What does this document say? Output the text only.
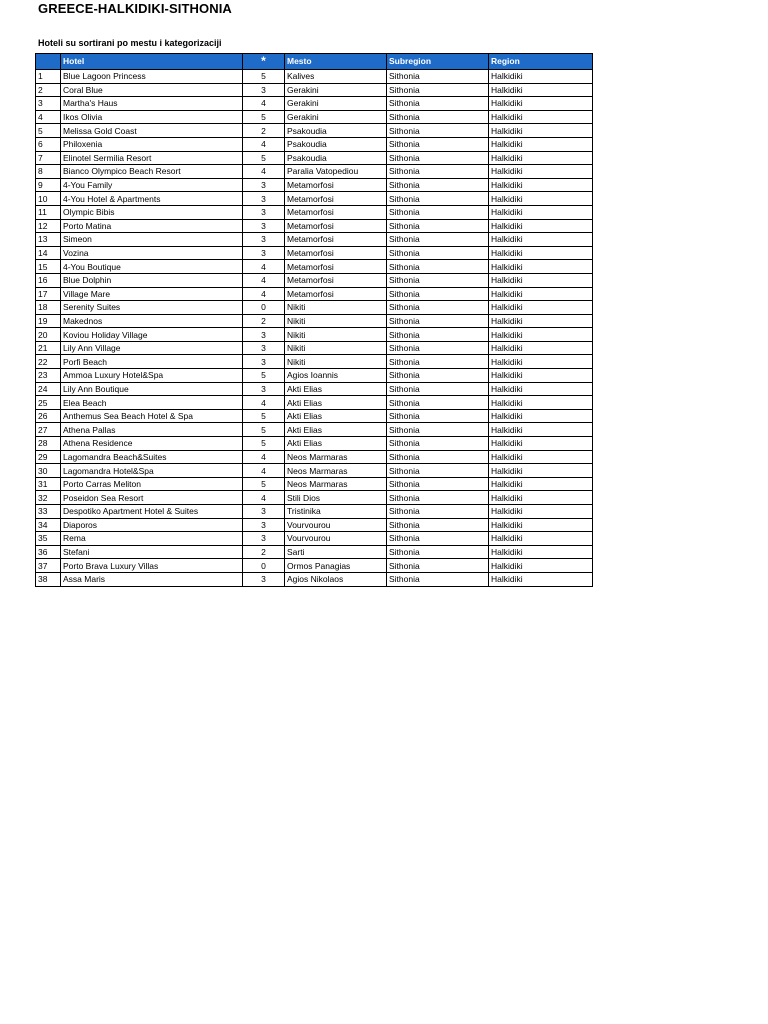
GREECE-HALKIDIKI-SITHONIA
Hoteli su sortirani po mestu i kategorizaciji
	Hotel	*	Mesto	Subregion	Region
1	Blue Lagoon Princess	5	Kalives	Sithonia	Halkidiki
2	Coral Blue	3	Gerakini	Sithonia	Halkidiki
3	Martha's Haus	4	Gerakini	Sithonia	Halkidiki
4	Ikos Olivia	5	Gerakini	Sithonia	Halkidiki
5	Melissa Gold Coast	2	Psakoudia	Sithonia	Halkidiki
6	Philoxenia	4	Psakoudia	Sithonia	Halkidiki
7	Elinotel Sermilia Resort	5	Psakoudia	Sithonia	Halkidiki
8	Bianco Olympico Beach Resort	4	Paralia Vatopediou	Sithonia	Halkidiki
9	4-You Family	3	Metamorfosi	Sithonia	Halkidiki
10	4-You Hotel & Apartments	3	Metamorfosi	Sithonia	Halkidiki
11	Olympic Bibis	3	Metamorfosi	Sithonia	Halkidiki
12	Porto Matina	3	Metamorfosi	Sithonia	Halkidiki
13	Simeon	3	Metamorfosi	Sithonia	Halkidiki
14	Vozina	3	Metamorfosi	Sithonia	Halkidiki
15	4-You Boutique	4	Metamorfosi	Sithonia	Halkidiki
16	Blue Dolphin	4	Metamorfosi	Sithonia	Halkidiki
17	Village Mare	4	Metamorfosi	Sithonia	Halkidiki
18	Serenity Suites	0	Nikiti	Sithonia	Halkidiki
19	Makednos	2	Nikiti	Sithonia	Halkidiki
20	Koviou Holiday Village	3	Nikiti	Sithonia	Halkidiki
21	Lily Ann Village	3	Nikiti	Sithonia	Halkidiki
22	Porfi Beach	3	Nikiti	Sithonia	Halkidiki
23	Ammoa Luxury Hotel&Spa	5	Agios Ioannis	Sithonia	Halkidiki
24	Lily Ann Boutique	3	Akti Elias	Sithonia	Halkidiki
25	Elea Beach	4	Akti Elias	Sithonia	Halkidiki
26	Anthemus Sea Beach Hotel & Spa	5	Akti Elias	Sithonia	Halkidiki
27	Athena Pallas	5	Akti Elias	Sithonia	Halkidiki
28	Athena Residence	5	Akti Elias	Sithonia	Halkidiki
29	Lagomandra Beach&Suites	4	Neos Marmaras	Sithonia	Halkidiki
30	Lagomandra Hotel&Spa	4	Neos Marmaras	Sithonia	Halkidiki
31	Porto Carras Meliton	5	Neos Marmaras	Sithonia	Halkidiki
32	Poseidon Sea Resort	4	Stili Dios	Sithonia	Halkidiki
33	Despotiko Apartment Hotel & Suites	3	Tristinika	Sithonia	Halkidiki
34	Diaporos	3	Vourvourou	Sithonia	Halkidiki
35	Rema	3	Vourvourou	Sithonia	Halkidiki
36	Stefani	2	Sarti	Sithonia	Halkidiki
37	Porto Brava Luxury Villas	0	Ormos Panagias	Sithonia	Halkidiki
38	Assa Maris	3	Agios Nikolaos	Sithonia	Halkidiki
